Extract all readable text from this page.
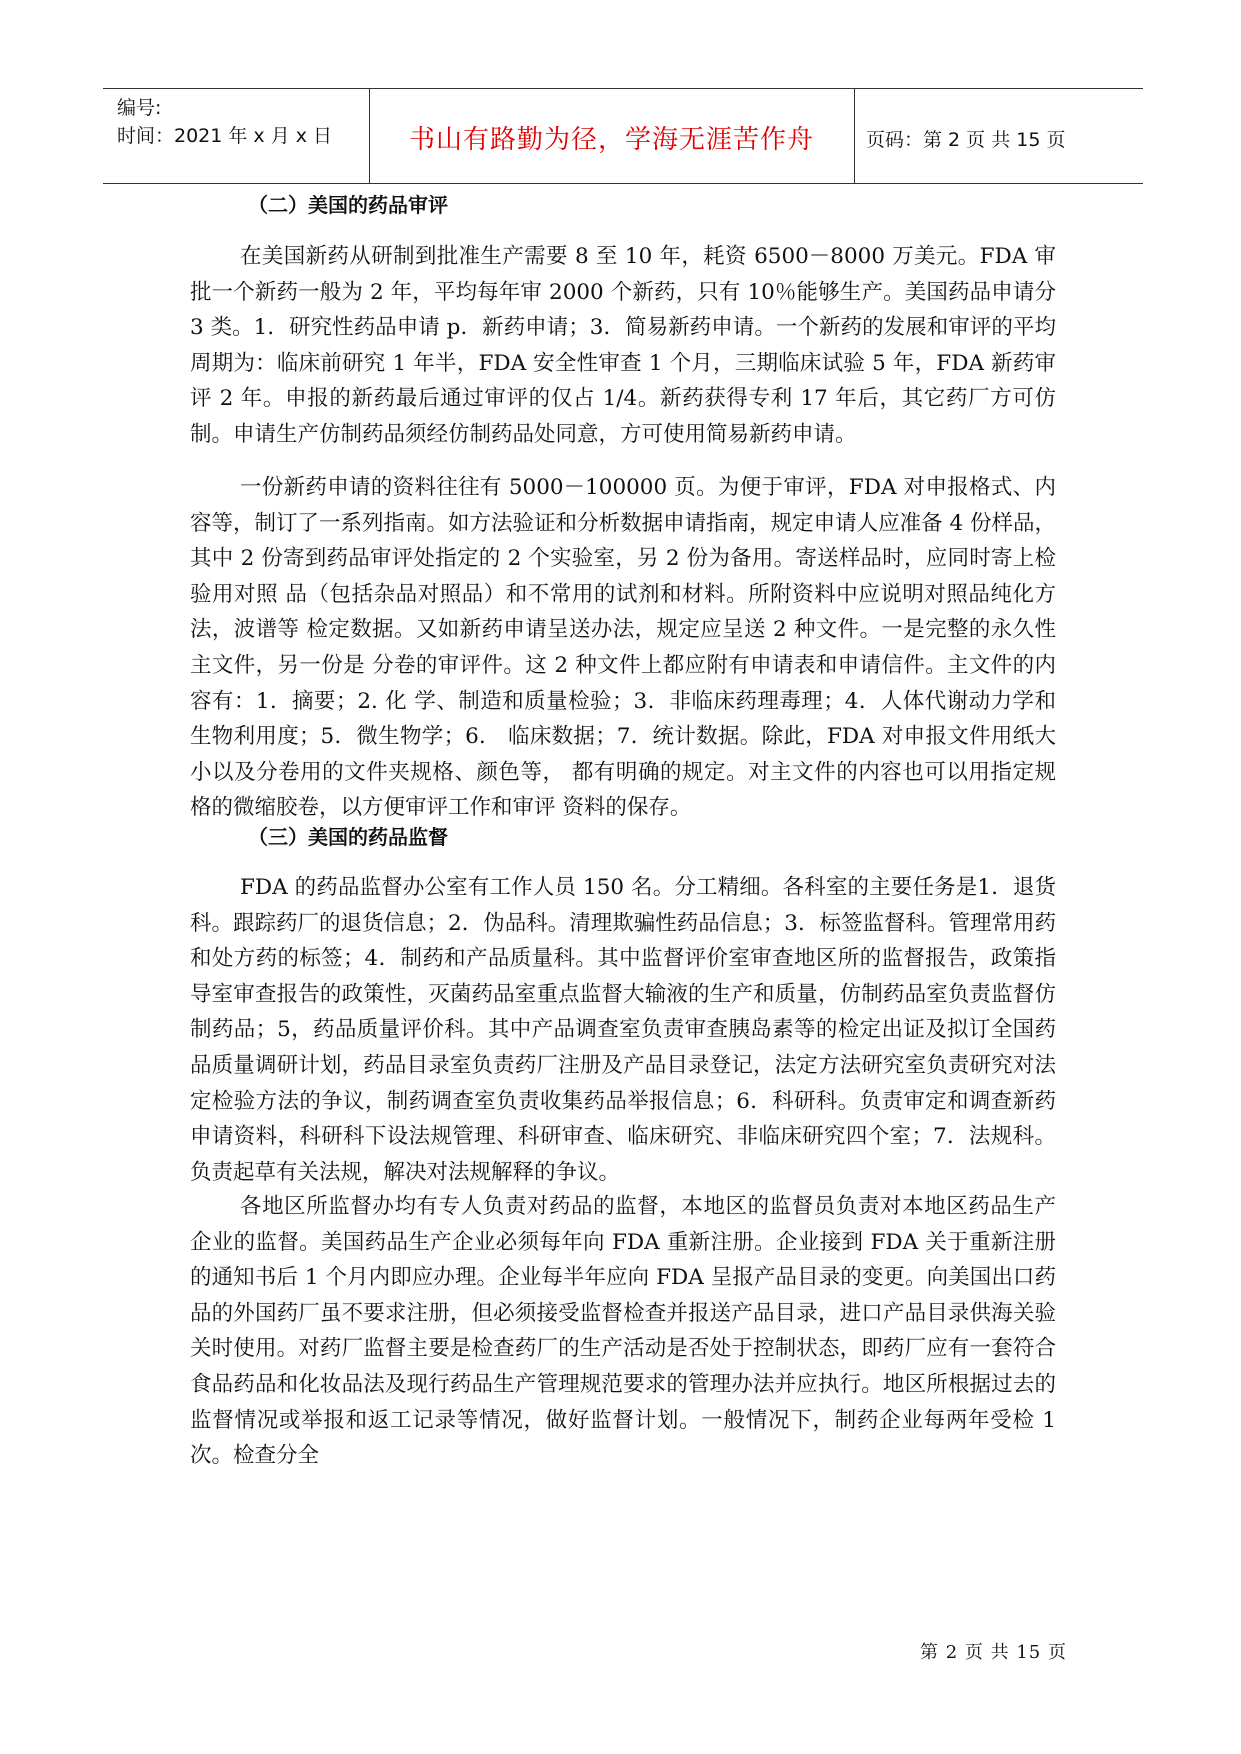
编号:
时间：2021 年 x 月 x 日	书山有路勤为径，学海无涯苦作舟	页码：第 2 页 共 15 页
（二）美国的药品审评

在美国新药从研制到批准生产需要 8 至 10 年，耗资 6500－8000 万美元。FDA 审批一个新药一般为 2 年，平均每年审 2000 个新药，只有 10％能够生产。美国药品申请分 3 类。1．研究性药品申请 p．新药申请；3．简易新药申请。一个新药的发展和审评的平均周期为：临床前研究 1 年半，FDA 安全性审查 1 个月，三期临床试验 5 年，FDA 新药审评 2 年。申报的新药最后通过审评的仅占 1/4。新药获得专利 17 年后，其它药厂方可仿制。申请生产仿制药品须经仿制药品处同意，方可使用简易新药申请。

一份新药申请的资料往往有 5000－100000 页。为便于审评，FDA 对申报格式、内容等，制订了一系列指南。如方法验证和分析数据申请指南，规定申请人应准备 4 份样品，其中 2 份寄到药品审评处指定的 2 个实验室，另 2 份为备用。寄送样品时，应同时寄上检验用对照 品（包括杂品对照品）和不常用的试剂和材料。所附资料中应说明对照品纯化方法，波谱等 检定数据。又如新药申请呈送办法，规定应呈送 2 种文件。一是完整的永久性主文件，另一份是 分卷的审评件。这 2 种文件上都应附有申请表和申请信件。主文件的内容有：1．摘要；2. 化 学、制造和质量检验；3．非临床药理毒理；4．人体代谢动力学和生物利用度；5．微生物学；6． 临床数据；7．统计数据。除此，FDA 对申报文件用纸大小以及分卷用的文件夹规格、颜色等， 都有明确的规定。对主文件的内容也可以用指定规格的微缩胶卷，以方便审评工作和审评 资料的保存。

（三）美国的药品监督

FDA 的药品监督办公室有工作人员 150 名。分工精细。各科室的主要任务是1．退货科。跟踪药厂的退货信息；2．伪品科。清理欺骗性药品信息；3．标签监督科。管理常用药和处方药的标签；4．制药和产品质量科。其中监督评价室审查地区所的监督报告，政策指导室审查报告的政策性，灭菌药品室重点监督大输液的生产和质量，仿制药品室负责监督仿制药品；5，药品质量评价科。其中产品调查室负责审查胰岛素等的检定出证及拟订全国药品质量调研计划，药品目录室负责药厂注册及产品目录登记，法定方法研究室负责研究对法定检验方法的争议，制药调查室负责收集药品举报信息；6．科研科。负责审定和调查新药申请资料，科研科下设法规管理、科研审查、临床研究、非临床研究四个室；7．法规科。负责起草有关法规，解决对法规解释的争议。

各地区所监督办均有专人负责对药品的监督，本地区的监督员负责对本地区药品生产企业的监督。美国药品生产企业必须每年向 FDA 重新注册。企业接到 FDA 关于重新注册的通知书后 1 个月内即应办理。企业每半年应向 FDA 呈报产品目录的变更。向美国出口药品的外国药厂虽不要求注册，但必须接受监督检查并报送产品目录，进口产品目录供海关验关时使用。对药厂监督主要是检查药厂的生产活动是否处于控制状态，即药厂应有一套符合食品药品和化妆品法及现行药品生产管理规范要求的管理办法并应执行。地区所根据过去的监督情况或举报和返工记录等情况，做好监督计划。一般情况下，制药企业每两年受检 1 次。检查分全

第 2 页 共 15 页
